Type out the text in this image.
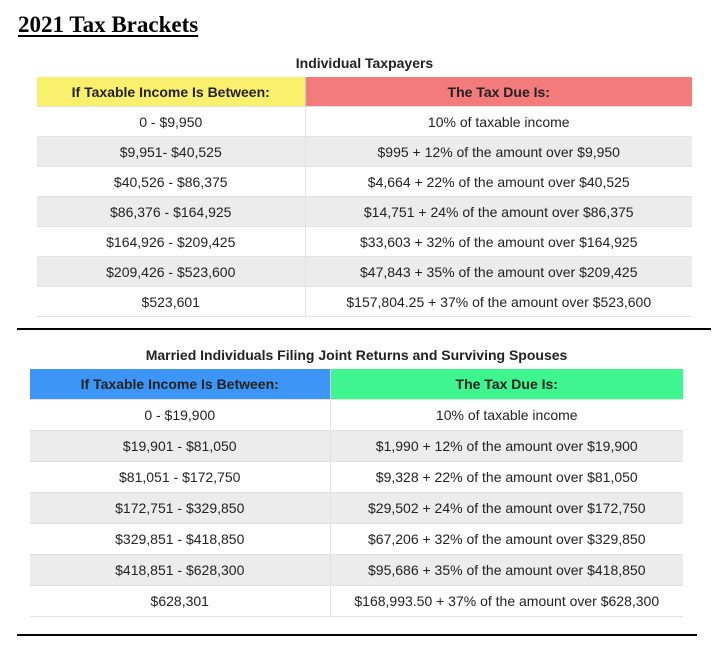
2021 Tax Brackets
Individual Taxpayers
If Taxable Income Is Between:	The Tax Due Is:
0 - $9,950	10% of taxable income
$9,951- $40,525	$995 + 12% of the amount over $9,950
$40,526 - $86,375	$4,664 + 22% of the amount over $40,525
$86,376 - $164,925	$14,751 + 24% of the amount over $86,375
$164,926 - $209,425	$33,603 + 32% of the amount over $164,925
$209,426 - $523,600	$47,843 + 35% of the amount over $209,425
$523,601	$157,804.25 + 37% of the amount over $523,600
Married Individuals Filing Joint Returns and Surviving Spouses
If Taxable Income Is Between:	The Tax Due Is:
0 - $19,900	10% of taxable income
$19,901 - $81,050	$1,990 + 12% of the amount over $19,900
$81,051 - $172,750	$9,328 + 22% of the amount over $81,050
$172,751 - $329,850	$29,502 + 24% of the amount over $172,750
$329,851 - $418,850	$67,206 + 32% of the amount over $329,850
$418,851 - $628,300	$95,686 + 35% of the amount over $418,850
$628,301	$168,993.50 + 37% of the amount over $628,300
